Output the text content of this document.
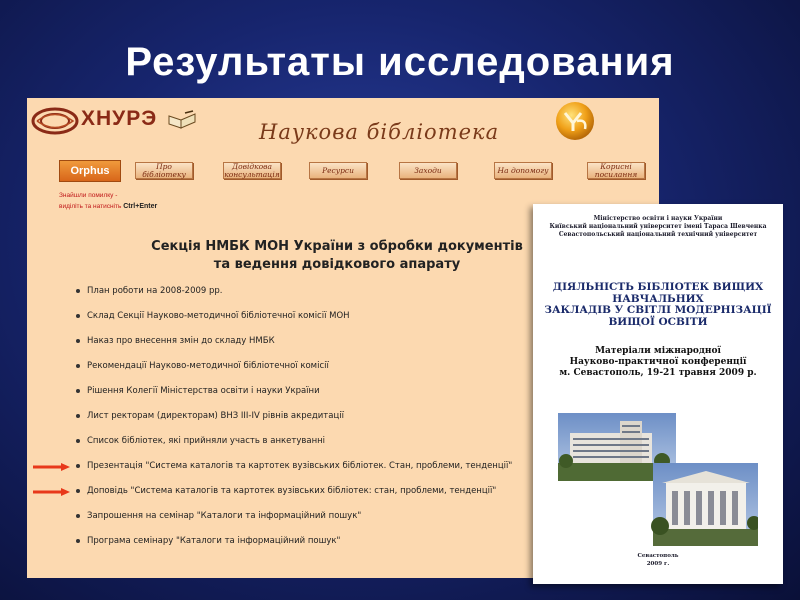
Результаты исследования
ХНУРЭ
Наукова бібліотека
Orphus	Про бібліотеку
Довідкова консультація	Ресурси	Заходи	На допомогу	Корисні посилання
Знайшли помилку -
виділіть та натисніть Ctrl+Enter
Секція НМБК МОН України з обробки документів
та ведення довідкового апарату
План роботи на 2008-2009 рр.
Склад Секції Науково-методичної бібліотечної комісії МОН
Наказ про внесення змін до складу НМБК
Рекомендації Науково-методичної бібліотечної комісії
Рішення Колегії Міністерства освіти і науки України
Лист ректорам (директорам) ВНЗ III-IV рівнів акредитації
Список бібліотек, які прийняли участь в анкетуванні
Презентація "Система каталогів та картотек вузівських бібліотек. Стан, проблеми, тенденції"
Доповідь "Система каталогів та картотек вузівських бібліотек: стан, проблеми, тенденції"
Запрошення на семінар "Каталоги та інформаційний пошук"
Програма семінару "Каталоги та інформаційний пошук"
Міністерство освіти і науки України
Київський національний університет імені Тараса Шевченка
Севастопольський національний технічний університет
ДІЯЛЬНІСТЬ БІБЛІОТЕК ВИЩИХ
НАВЧАЛЬНИХ
ЗАКЛАДІВ У СВІТЛІ МОДЕРНІЗАЦІЇ
ВИЩОЇ ОСВІТИ
Матеріали міжнародної
Науково-практичної конференції
м. Севастополь, 19-21 травня 2009 р.
Севастополь
2009 г.
